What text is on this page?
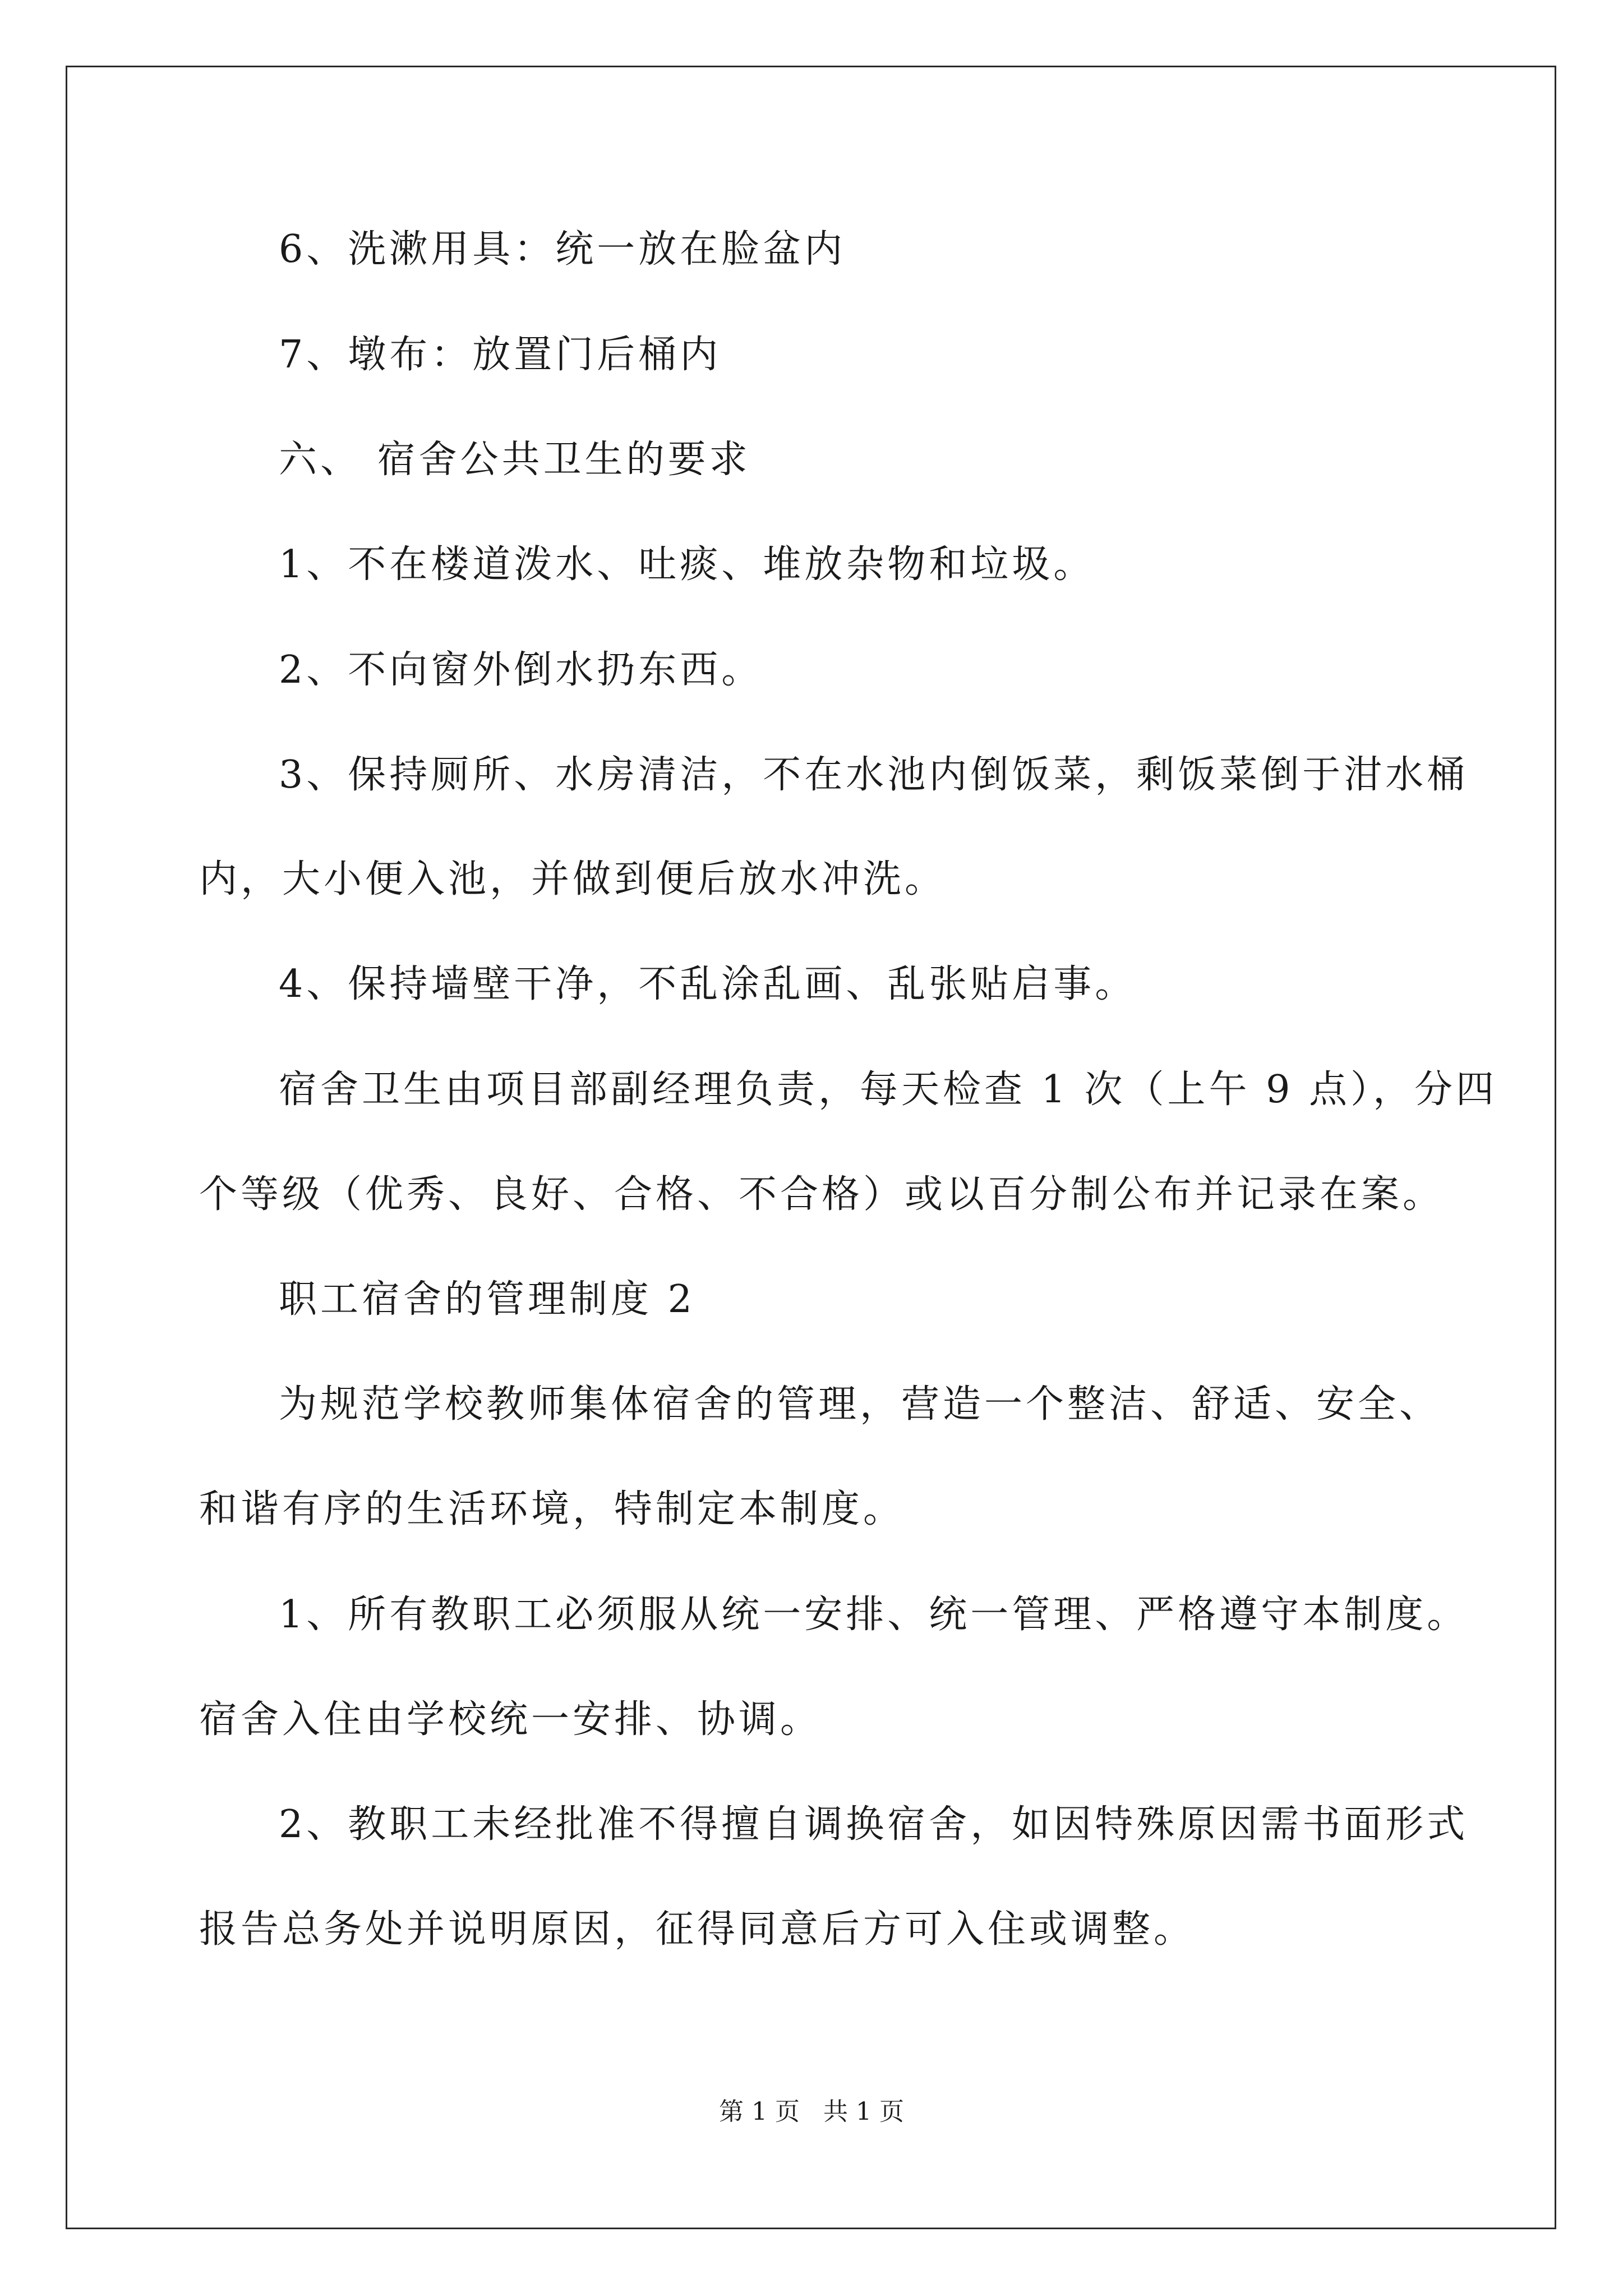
6、洗漱用具：统一放在脸盆内
7、墩布：放置门后桶内
六、 宿舍公共卫生的要求
1、不在楼道泼水、吐痰、堆放杂物和垃圾。
2、不向窗外倒水扔东西。
3、保持厕所、水房清洁，不在水池内倒饭菜，剩饭菜倒于泔水桶
内，大小便入池，并做到便后放水冲洗。
4、保持墙壁干净，不乱涂乱画、乱张贴启事。
宿舍卫生由项目部副经理负责，每天检查 1 次（上午 9 点），分四
个等级（优秀、良好、合格、不合格）或以百分制公布并记录在案。
职工宿舍的管理制度 2
为规范学校教师集体宿舍的管理，营造一个整洁、舒适、安全、
和谐有序的生活环境，特制定本制度。
1、所有教职工必须服从统一安排、统一管理、严格遵守本制度。
宿舍入住由学校统一安排、协调。
2、教职工未经批准不得擅自调换宿舍，如因特殊原因需书面形式
报告总务处并说明原因，征得同意后方可入住或调整。
第 1 页   共 1 页
